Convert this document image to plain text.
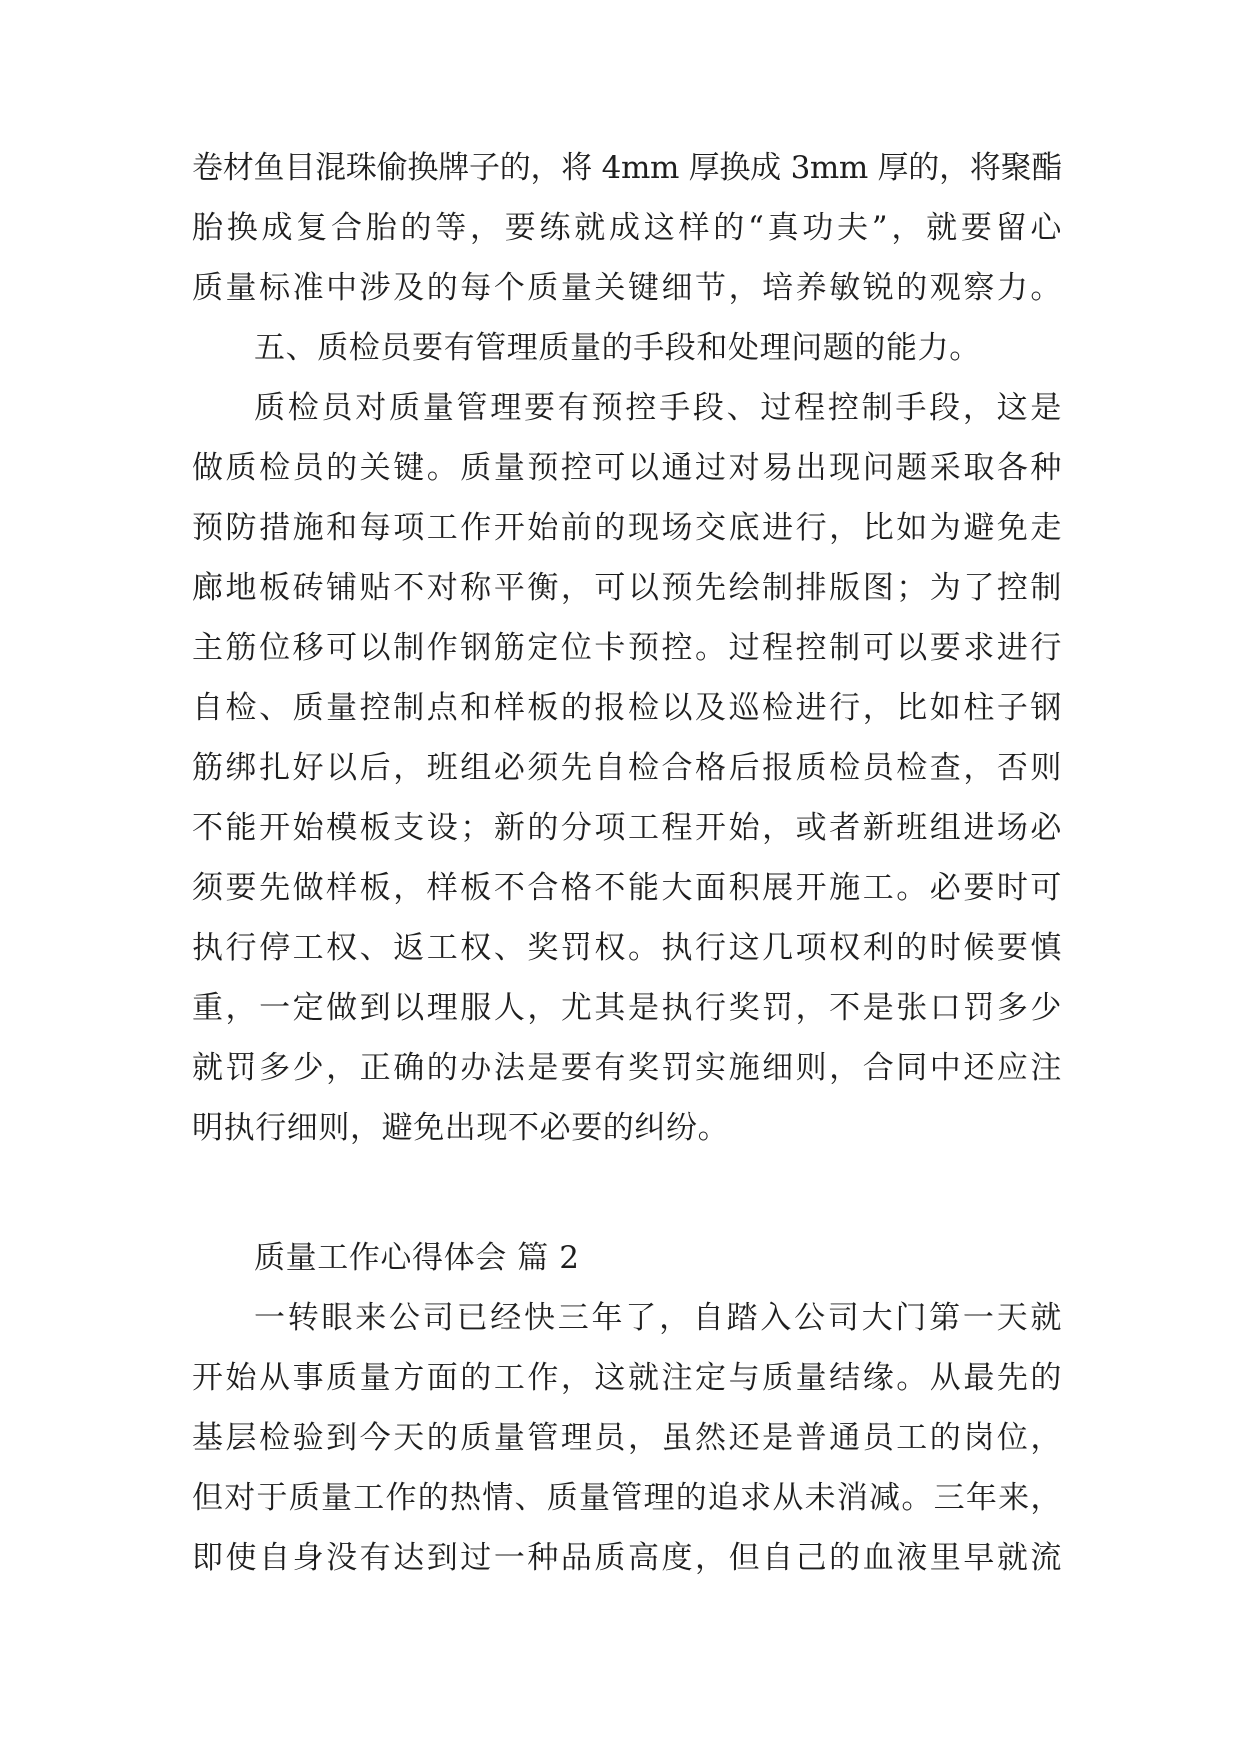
卷材鱼目混珠偷换牌子的，将 4mm 厚换成 3mm 厚的，将聚酯
胎换成复合胎的等，要练就成这样的“真功夫”，就要留心
质量标准中涉及的每个质量关键细节，培养敏锐的观察力。
五、质检员要有管理质量的手段和处理问题的能力。
质检员对质量管理要有预控手段、过程控制手段，这是
做质检员的关键。质量预控可以通过对易出现问题采取各种
预防措施和每项工作开始前的现场交底进行，比如为避免走
廊地板砖铺贴不对称平衡，可以预先绘制排版图；为了控制
主筋位移可以制作钢筋定位卡预控。过程控制可以要求进行
自检、质量控制点和样板的报检以及巡检进行，比如柱子钢
筋绑扎好以后，班组必须先自检合格后报质检员检查，否则
不能开始模板支设；新的分项工程开始，或者新班组进场必
须要先做样板，样板不合格不能大面积展开施工。必要时可
执行停工权、返工权、奖罚权。执行这几项权利的时候要慎
重，一定做到以理服人，尤其是执行奖罚，不是张口罚多少
就罚多少，正确的办法是要有奖罚实施细则，合同中还应注
明执行细则，避免出现不必要的纠纷。
质量工作心得体会 篇 2
一转眼来公司已经快三年了，自踏入公司大门第一天就
开始从事质量方面的工作，这就注定与质量结缘。从最先的
基层检验到今天的质量管理员，虽然还是普通员工的岗位，
但对于质量工作的热情、质量管理的追求从未消减。三年来，
即使自身没有达到过一种品质高度，但自己的血液里早就流
